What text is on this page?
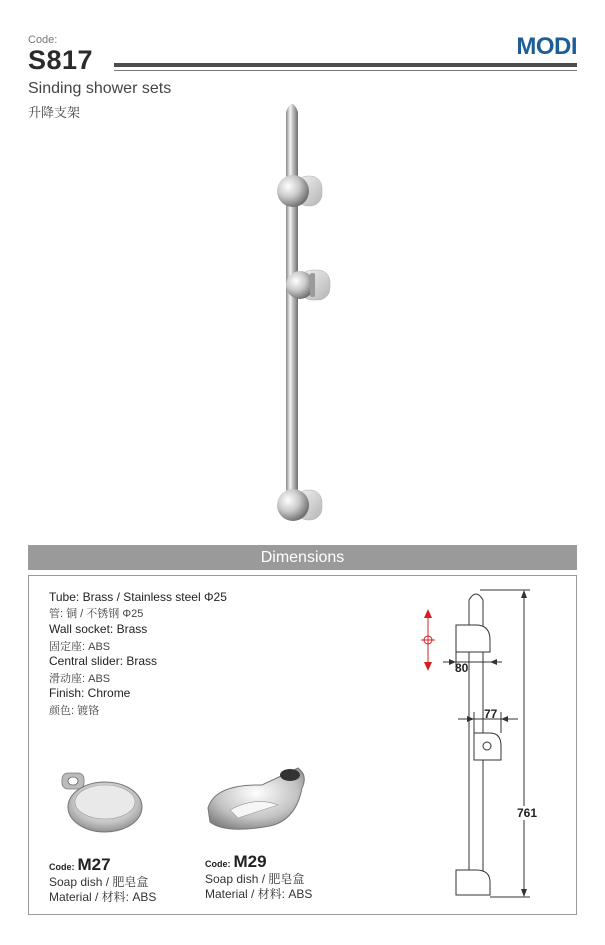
Code:
S817	MODI
Sinding shower sets
升降支架
Dimensions
Tube: Brass / Stainless steel Φ25
管: 铜 / 不锈钢 Φ25
Wall socket: Brass
固定座: ABS
Central slider: Brass
滑动座: ABS
Finish: Chrome
颜色: 镀铬
80
77
761
Code: M27
Soap dish / 肥皂盒
Material / 材料: ABS
Code: M29
Soap dish / 肥皂盒
Material / 材料: ABS
